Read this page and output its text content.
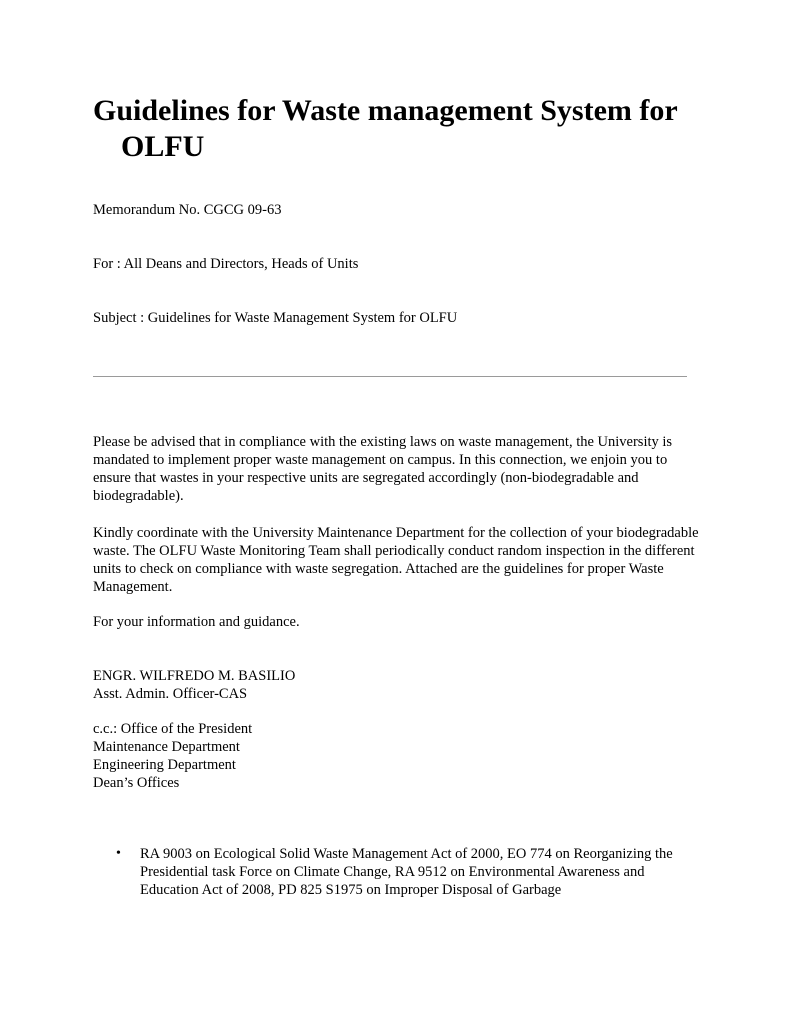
Guidelines for Waste management System for OLFU
Memorandum No. CGCG 09-63
For : All Deans and Directors, Heads of Units
Subject : Guidelines for Waste Management System for OLFU

Please be advised that in compliance with the existing laws on waste management, the University is mandated to implement proper waste management on campus. In this connection, we enjoin you to ensure that wastes in your respective units are segregated accordingly (non-biodegradable and biodegradable).

Kindly coordinate with the University Maintenance Department for the collection of your biodegradable waste. The OLFU Waste Monitoring Team shall periodically conduct random inspection in the different units to check on compliance with waste segregation. Attached are the guidelines for proper Waste Management.

For your information and guidance.

ENGR. WILFREDO M. BASILIO
Asst. Admin. Officer-CAS
c.c.: Office of the President
Maintenance Department
Engineering Department
Dean’s Offices
• RA 9003 on Ecological Solid Waste Management Act of 2000, EO 774 on Reorganizing the Presidential task Force on Climate Change, RA 9512 on Environmental Awareness and Education Act of 2008, PD 825 S1975 on Improper Disposal of Garbage
